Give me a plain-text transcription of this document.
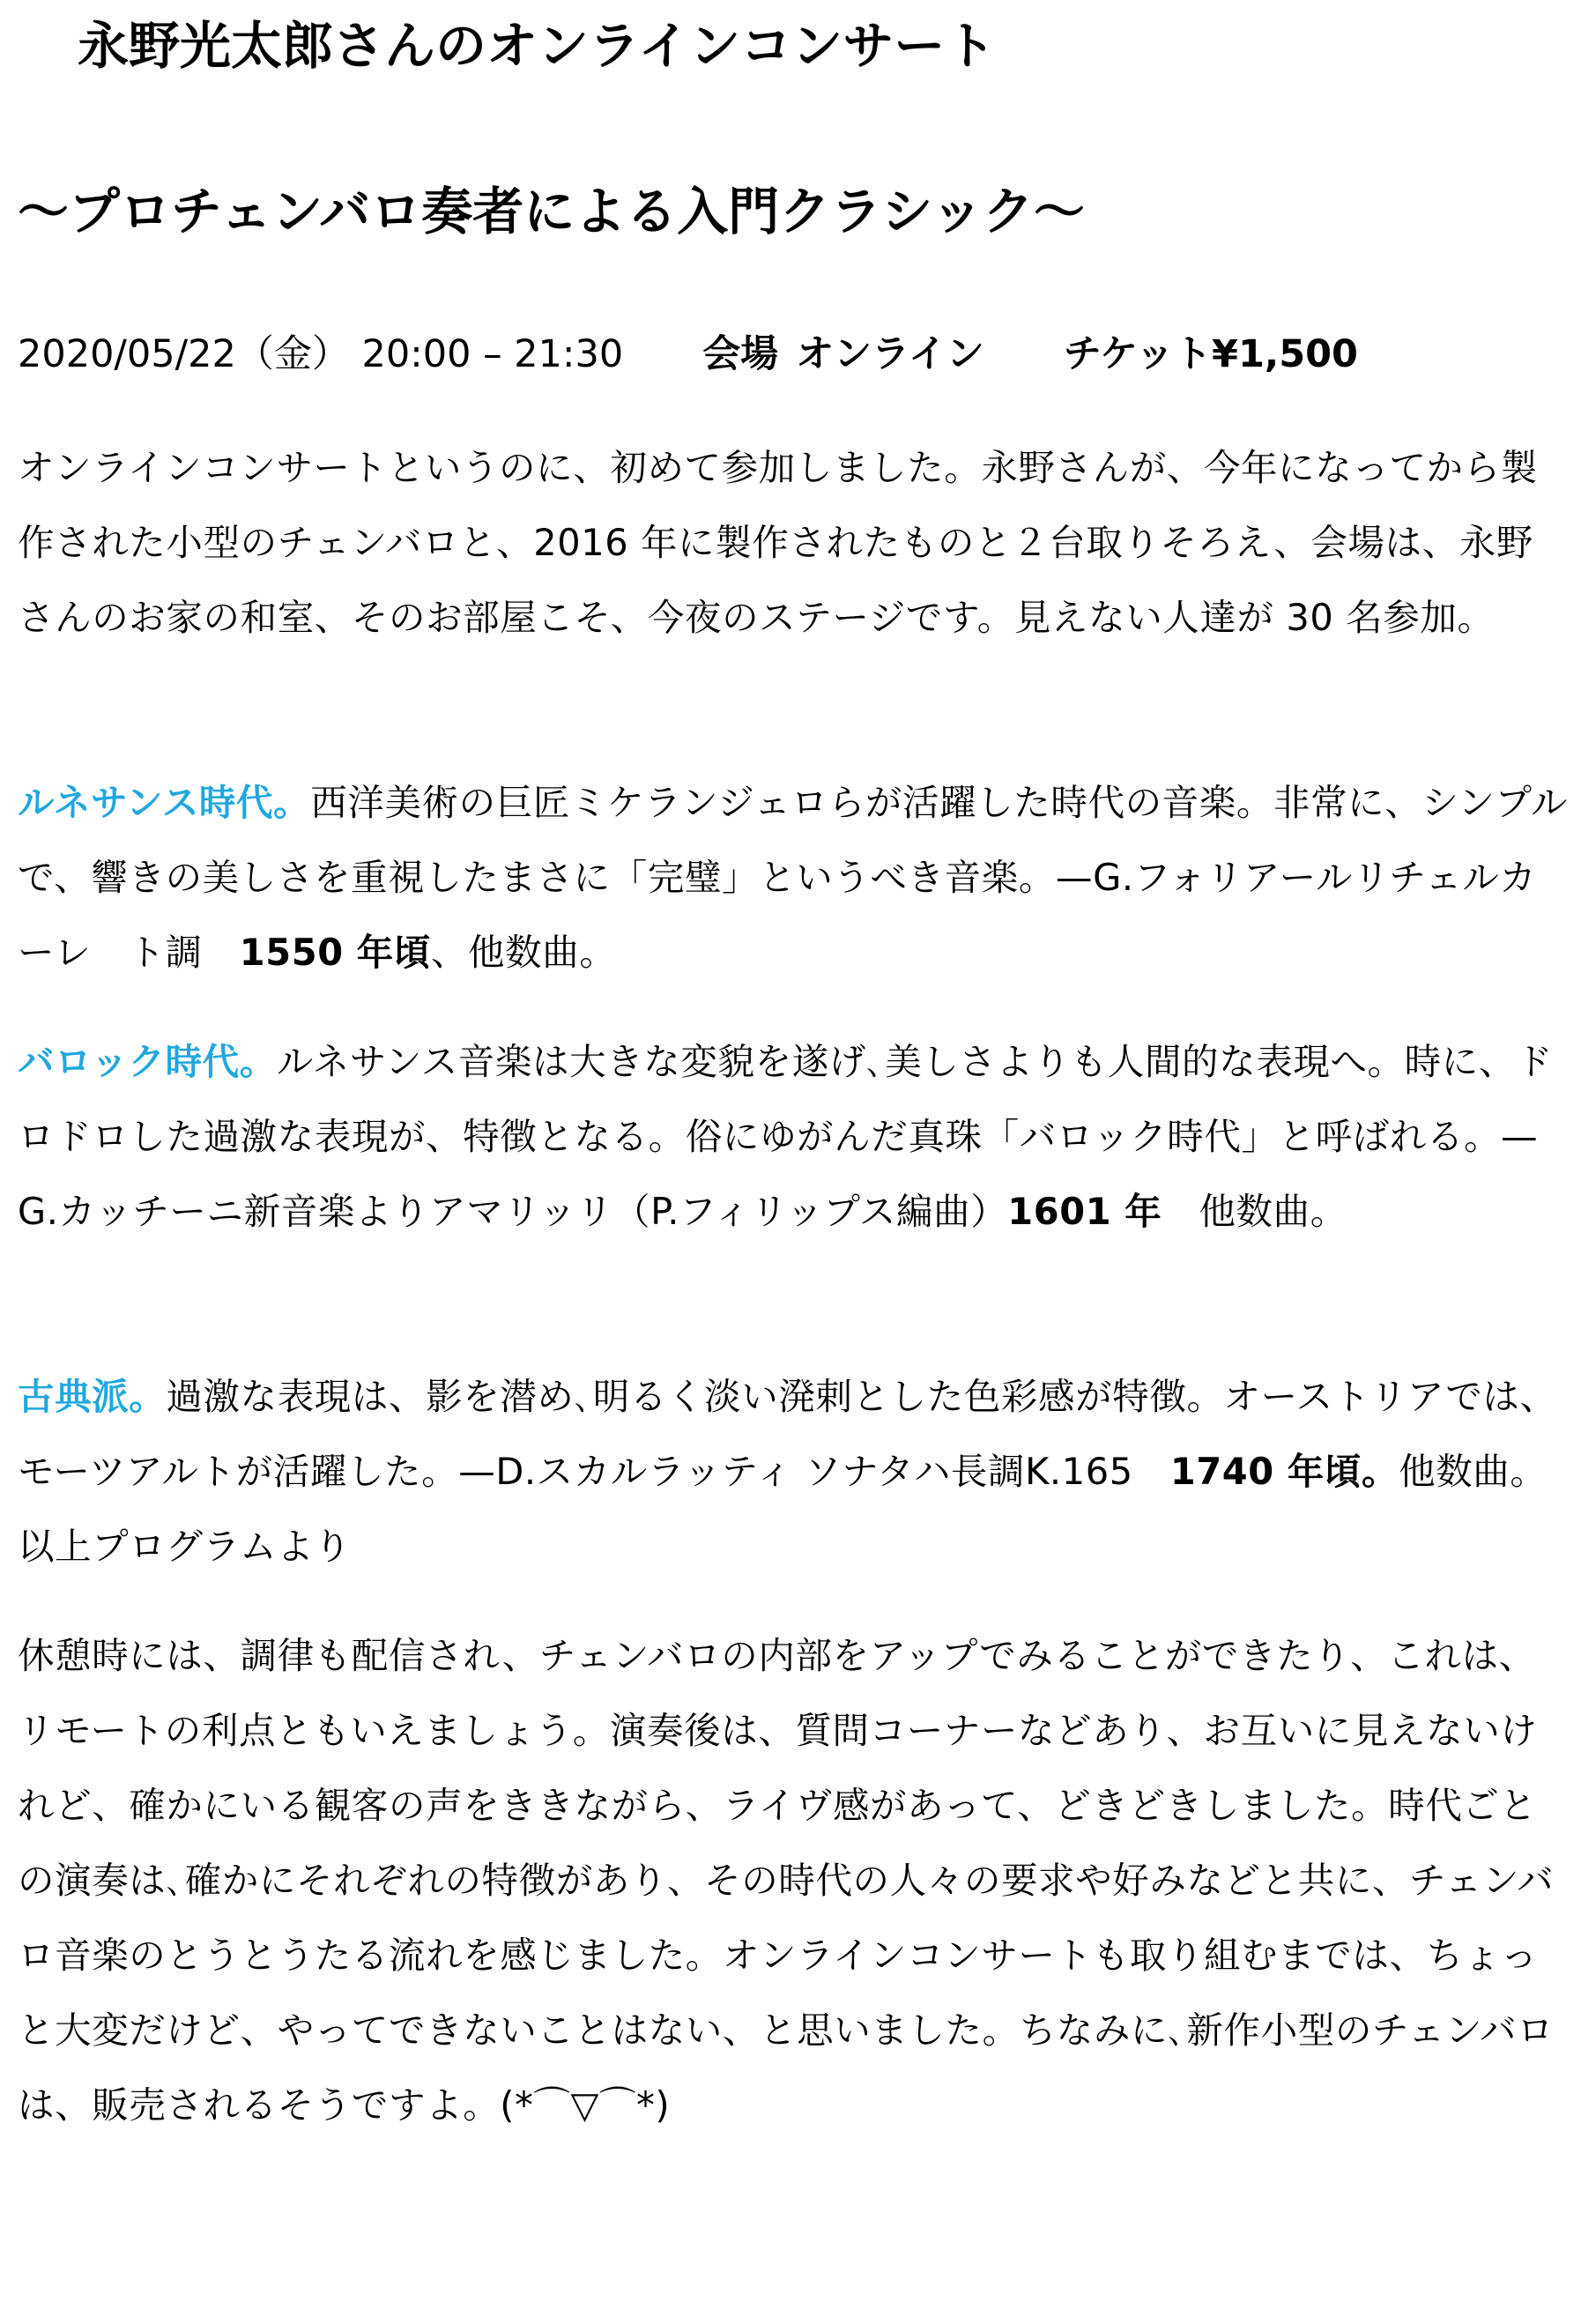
永野光太郎さんのオンラインコンサート
〜プロチェンバロ奏者による入門クラシック〜
2020/05/22（金） 20:00 – 21:30 会場 オンライン チケット¥1,500

オンラインコンサートというのに、初めて参加しました。永野さんが、今年になってから製作された小型のチェンバロと、2016 年に製作されたものと２台取りそろえ、会場は、永野さんのお家の和室、そのお部屋こそ、今夜のステージです。見えない人達が 30 名参加。

ルネサンス時代。西洋美術の巨匠ミケランジェロらが活躍した時代の音楽。非常に、シンプルで、響きの美しさを重視したまさに「完璧」というべき音楽。—G.フォリアールリチェルカーレ　ト調　1550 年頃、他数曲。

バロック時代。ルネサンス音楽は大きな変貌を遂げ､美しさよりも人間的な表現へ。時に、ドロドロした過激な表現が、特徴となる。俗にゆがんだ真珠「バロック時代」と呼ばれる。—G.カッチーニ新音楽よりアマリッリ（P.フィリップス編曲）1601 年　他数曲。

古典派。過激な表現は、影を潜め､明るく淡い溌剌とした色彩感が特徴。オーストリアでは、モーツアルトが活躍した。—D.スカルラッティ ソナタハ長調K.165　1740 年頃。他数曲。以上プログラムより

休憩時には、調律も配信され、チェンバロの内部をアップでみることができたり、これは、リモートの利点ともいえましょう。演奏後は、質問コーナーなどあり、お互いに見えないけれど、確かにいる観客の声をききながら、ライヴ感があって、どきどきしました。時代ごとの演奏は､確かにそれぞれの特徴があり、その時代の人々の要求や好みなどと共に、チェンバロ音楽のとうとうたる流れを感じました。オンラインコンサートも取り組むまでは、ちょっと大変だけど、やってできないことはない、と思いました。ちなみに､新作小型のチェンバロは、販売されるそうですよ。(*⌒▽⌒*)
